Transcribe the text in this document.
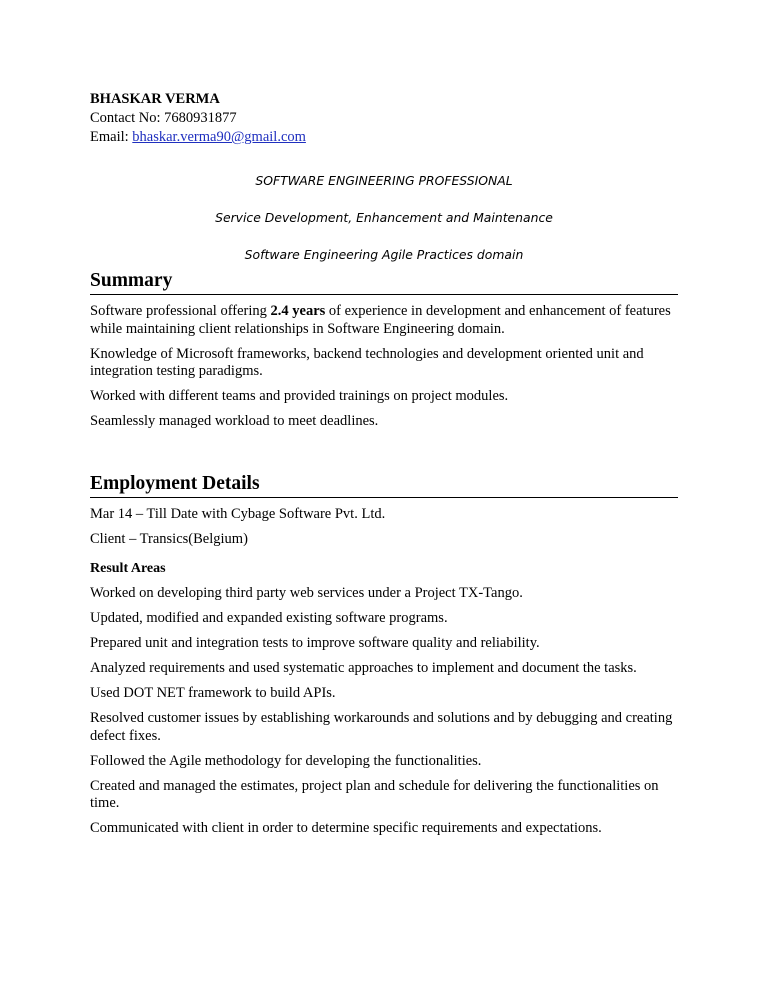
BHASKAR VERMA
Contact No: 7680931877
Email: bhaskar.verma90@gmail.com
SOFTWARE ENGINEERING PROFESSIONAL
Service Development, Enhancement and Maintenance
Software Engineering Agile Practices domain
Summary
Software professional offering 2.4 years of experience in development and enhancement of features while maintaining client relationships in Software Engineering domain.
Knowledge of Microsoft frameworks, backend technologies and development oriented unit and integration testing paradigms.
Worked with different teams and provided trainings on project modules.
Seamlessly managed workload to meet deadlines.
Employment Details
Mar 14 – Till Date with Cybage Software Pvt. Ltd.
Client – Transics(Belgium)
Result Areas
Worked on developing third party web services under a Project TX-Tango.
Updated, modified and expanded existing software programs.
Prepared unit and integration tests to improve software quality and reliability.
Analyzed requirements and used systematic approaches to implement and document the tasks.
Used DOT NET framework to build APIs.
Resolved customer issues by establishing workarounds and solutions and by debugging and creating defect fixes.
Followed the Agile methodology for developing the functionalities.
Created and managed the estimates, project plan and schedule for delivering the functionalities on time.
Communicated with client in order to determine specific requirements and expectations.
